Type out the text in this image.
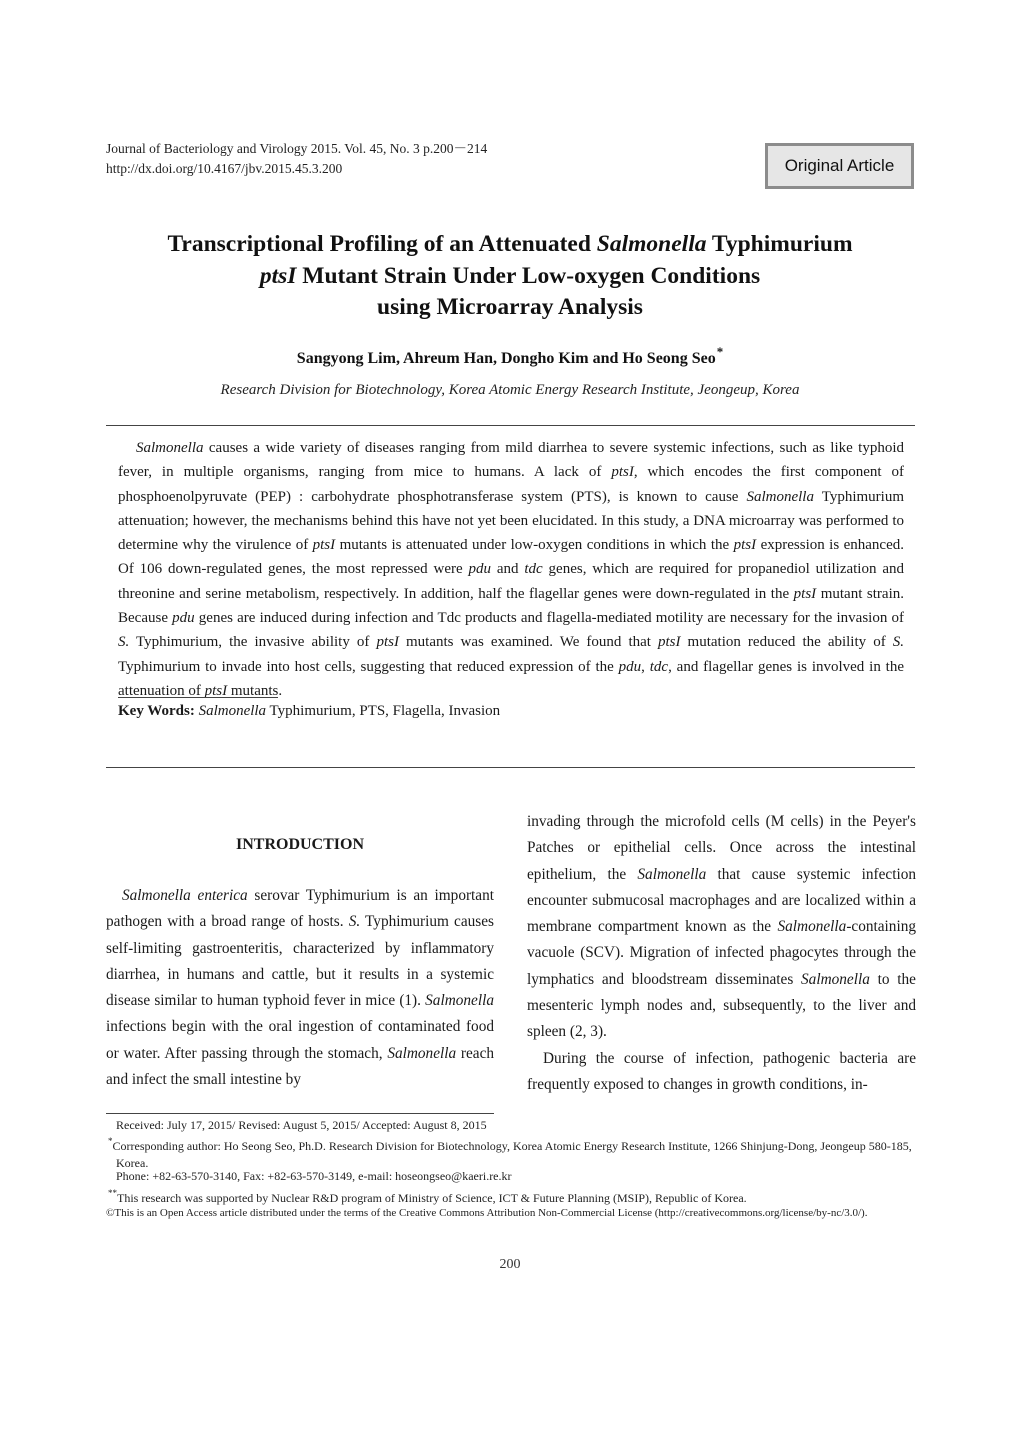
Journal of Bacteriology and Virology 2015. Vol. 45, No. 3 p.200－214
http://dx.doi.org/10.4167/jbv.2015.45.3.200	Original Article
Transcriptional Profiling of an Attenuated Salmonella Typhimurium
ptsI Mutant Strain Under Low-oxygen Conditions
using Microarray Analysis
Sangyong Lim, Ahreum Han, Dongho Kim and Ho Seong Seo*
Research Division for Biotechnology, Korea Atomic Energy Research Institute, Jeongeup, Korea

Salmonella causes a wide variety of diseases ranging from mild diarrhea to severe systemic infections, such as like typhoid fever, in multiple organisms, ranging from mice to humans. A lack of ptsI, which encodes the first component of phosphoenolpyruvate (PEP) : carbohydrate phosphotransferase system (PTS), is known to cause Salmonella Typhimurium attenuation; however, the mechanisms behind this have not yet been elucidated. In this study, a DNA microarray was performed to determine why the virulence of ptsI mutants is attenuated under low-oxygen conditions in which the ptsI expression is enhanced. Of 106 down-regulated genes, the most repressed were pdu and tdc genes, which are required for propanediol utilization and threonine and serine metabolism, respectively. In addition, half the flagellar genes were down-regulated in the ptsI mutant strain. Because pdu genes are induced during infection and Tdc products and flagella-mediated motility are necessary for the invasion of S. Typhimurium, the invasive ability of ptsI mutants was examined. We found that ptsI mutation reduced the ability of S. Typhimurium to invade into host cells, suggesting that reduced expression of the pdu, tdc, and flagellar genes is involved in the attenuation of ptsI mutants.

Key Words: Salmonella Typhimurium, PTS, Flagella, Invasion
INTRODUCTION

Salmonella enterica serovar Typhimurium is an important pathogen with a broad range of hosts. S. Typhimurium causes self-limiting gastroenteritis, characterized by inflammatory diarrhea, in humans and cattle, but it results in a systemic disease similar to human typhoid fever in mice (1). Salmonella infections begin with the oral ingestion of contaminated food or water. After passing through the stomach, Salmonella reach and infect the small intestine by

invading through the microfold cells (M cells) in the Peyer's Patches or epithelial cells. Once across the intestinal epithelium, the Salmonella that cause systemic infection encounter submucosal macrophages and are localized within a membrane compartment known as the Salmonella-containing vacuole (SCV). Migration of infected phagocytes through the lymphatics and bloodstream disseminates Salmonella to the mesenteric lymph nodes and, subsequently, to the liver and spleen (2, 3).

During the course of infection, pathogenic bacteria are frequently exposed to changes in growth conditions, in-

Received: July 17, 2015/ Revised: August 5, 2015/ Accepted: August 8, 2015

*Corresponding author: Ho Seong Seo, Ph.D. Research Division for Biotechnology, Korea Atomic Energy Research Institute, 1266 Shinjung-Dong, Jeongeup 580-185, Korea.

Phone: +82-63-570-3140, Fax: +82-63-570-3149, e-mail: hoseongseo@kaeri.re.kr

**This research was supported by Nuclear R&D program of Ministry of Science, ICT & Future Planning (MSIP), Republic of Korea.

©This is an Open Access article distributed under the terms of the Creative Commons Attribution Non-Commercial License (http://creativecommons.org/license/by-nc/3.0/).

200
